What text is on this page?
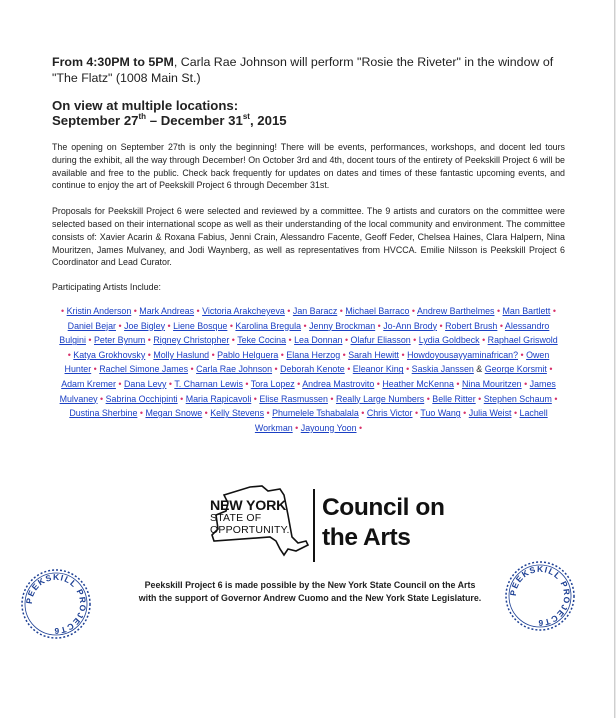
From 4:30PM to 5PM, Carla Rae Johnson will perform "Rosie the Riveter" in the window of "The Flatz" (1008 Main St.)

On view at multiple locations:
September 27th – December 31st, 2015

The opening on September 27th is only the beginning! There will be events, performances, workshops, and docent led tours during the exhibit, all the way through December! On October 3rd and 4th, docent tours of the entirety of Peekskill Project 6 will be available and free to the public. Check back frequently for updates on dates and times of these fantastic upcoming events, and continue to enjoy the art of Peekskill Project 6 through December 31st.

Proposals for Peekskill Project 6 were selected and reviewed by a committee. The 9 artists and curators on the committee were selected based on their international scope as well as their understanding of the local community and environment. The committee consists of: Xavier Acarin & Roxana Fabius, Jenni Crain, Alessandro Facente, Geoff Feder, Chelsea Haines, Clara Halpern, Nina Mouritzen, James Mulvaney, and Jodi Waynberg, as well as representatives from HVCCA. Emilie Nilsson is Peekskill Project 6 Coordinator and Lead Curator.

Participating Artists Include:

• Kristin Anderson • Mark Andreas • Victoria Arakcheyeva • Jan Baracz • Michael Barraco • Andrew Barthelmes • Man Bartlett • Daniel Bejar • Joe Bigley • Liene Bosque • Karolina Bregula • Jenny Brockman • Jo-Ann Brody • Robert Brush • Alessandro Bulgini • Peter Bynum • Rigney Christopher • Teke Cocina • Lea Donnan • Olafur Eliasson • Lydia Goldbeck • Raphael Griswold • Katya Grokhovsky • Molly Haslund • Pablo Helguera • Elana Herzog • Sarah Hewitt • Howdoyousayyaminafrican? • Owen Hunter • Rachel Simone James • Carla Rae Johnson • Deborah Kenote • Eleanor King • Saskia Janssen & George Korsmit • Adam Kremer • Dana Levy • T. Charnan Lewis • Tora Lopez • Andrea Mastrovito • Heather McKenna • Nina Mouritzen • James Mulvaney • Sabrina Occhipinti • Maria Rapicavoli • Elise Rasmussen • Really Large Numbers • Belle Ritter • Stephen Schaum • Dustina Sherbine • Megan Snowe • Kelly Stevens • Phumelele Tshabalala • Chris Victor • Tuo Wang • Julia Weist • Lachell Workman • Jayoung Yoon •
NEW YORK
STATE OF
OPPORTUNITY.
Council on
the Arts
PEEKSKILL PROJECT6
Peekskill Project 6 is made possible by the New York State Council on the Arts
with the support of Governor Andrew Cuomo and the New York State Legislature.
PEEKSKILL PROJECT6
